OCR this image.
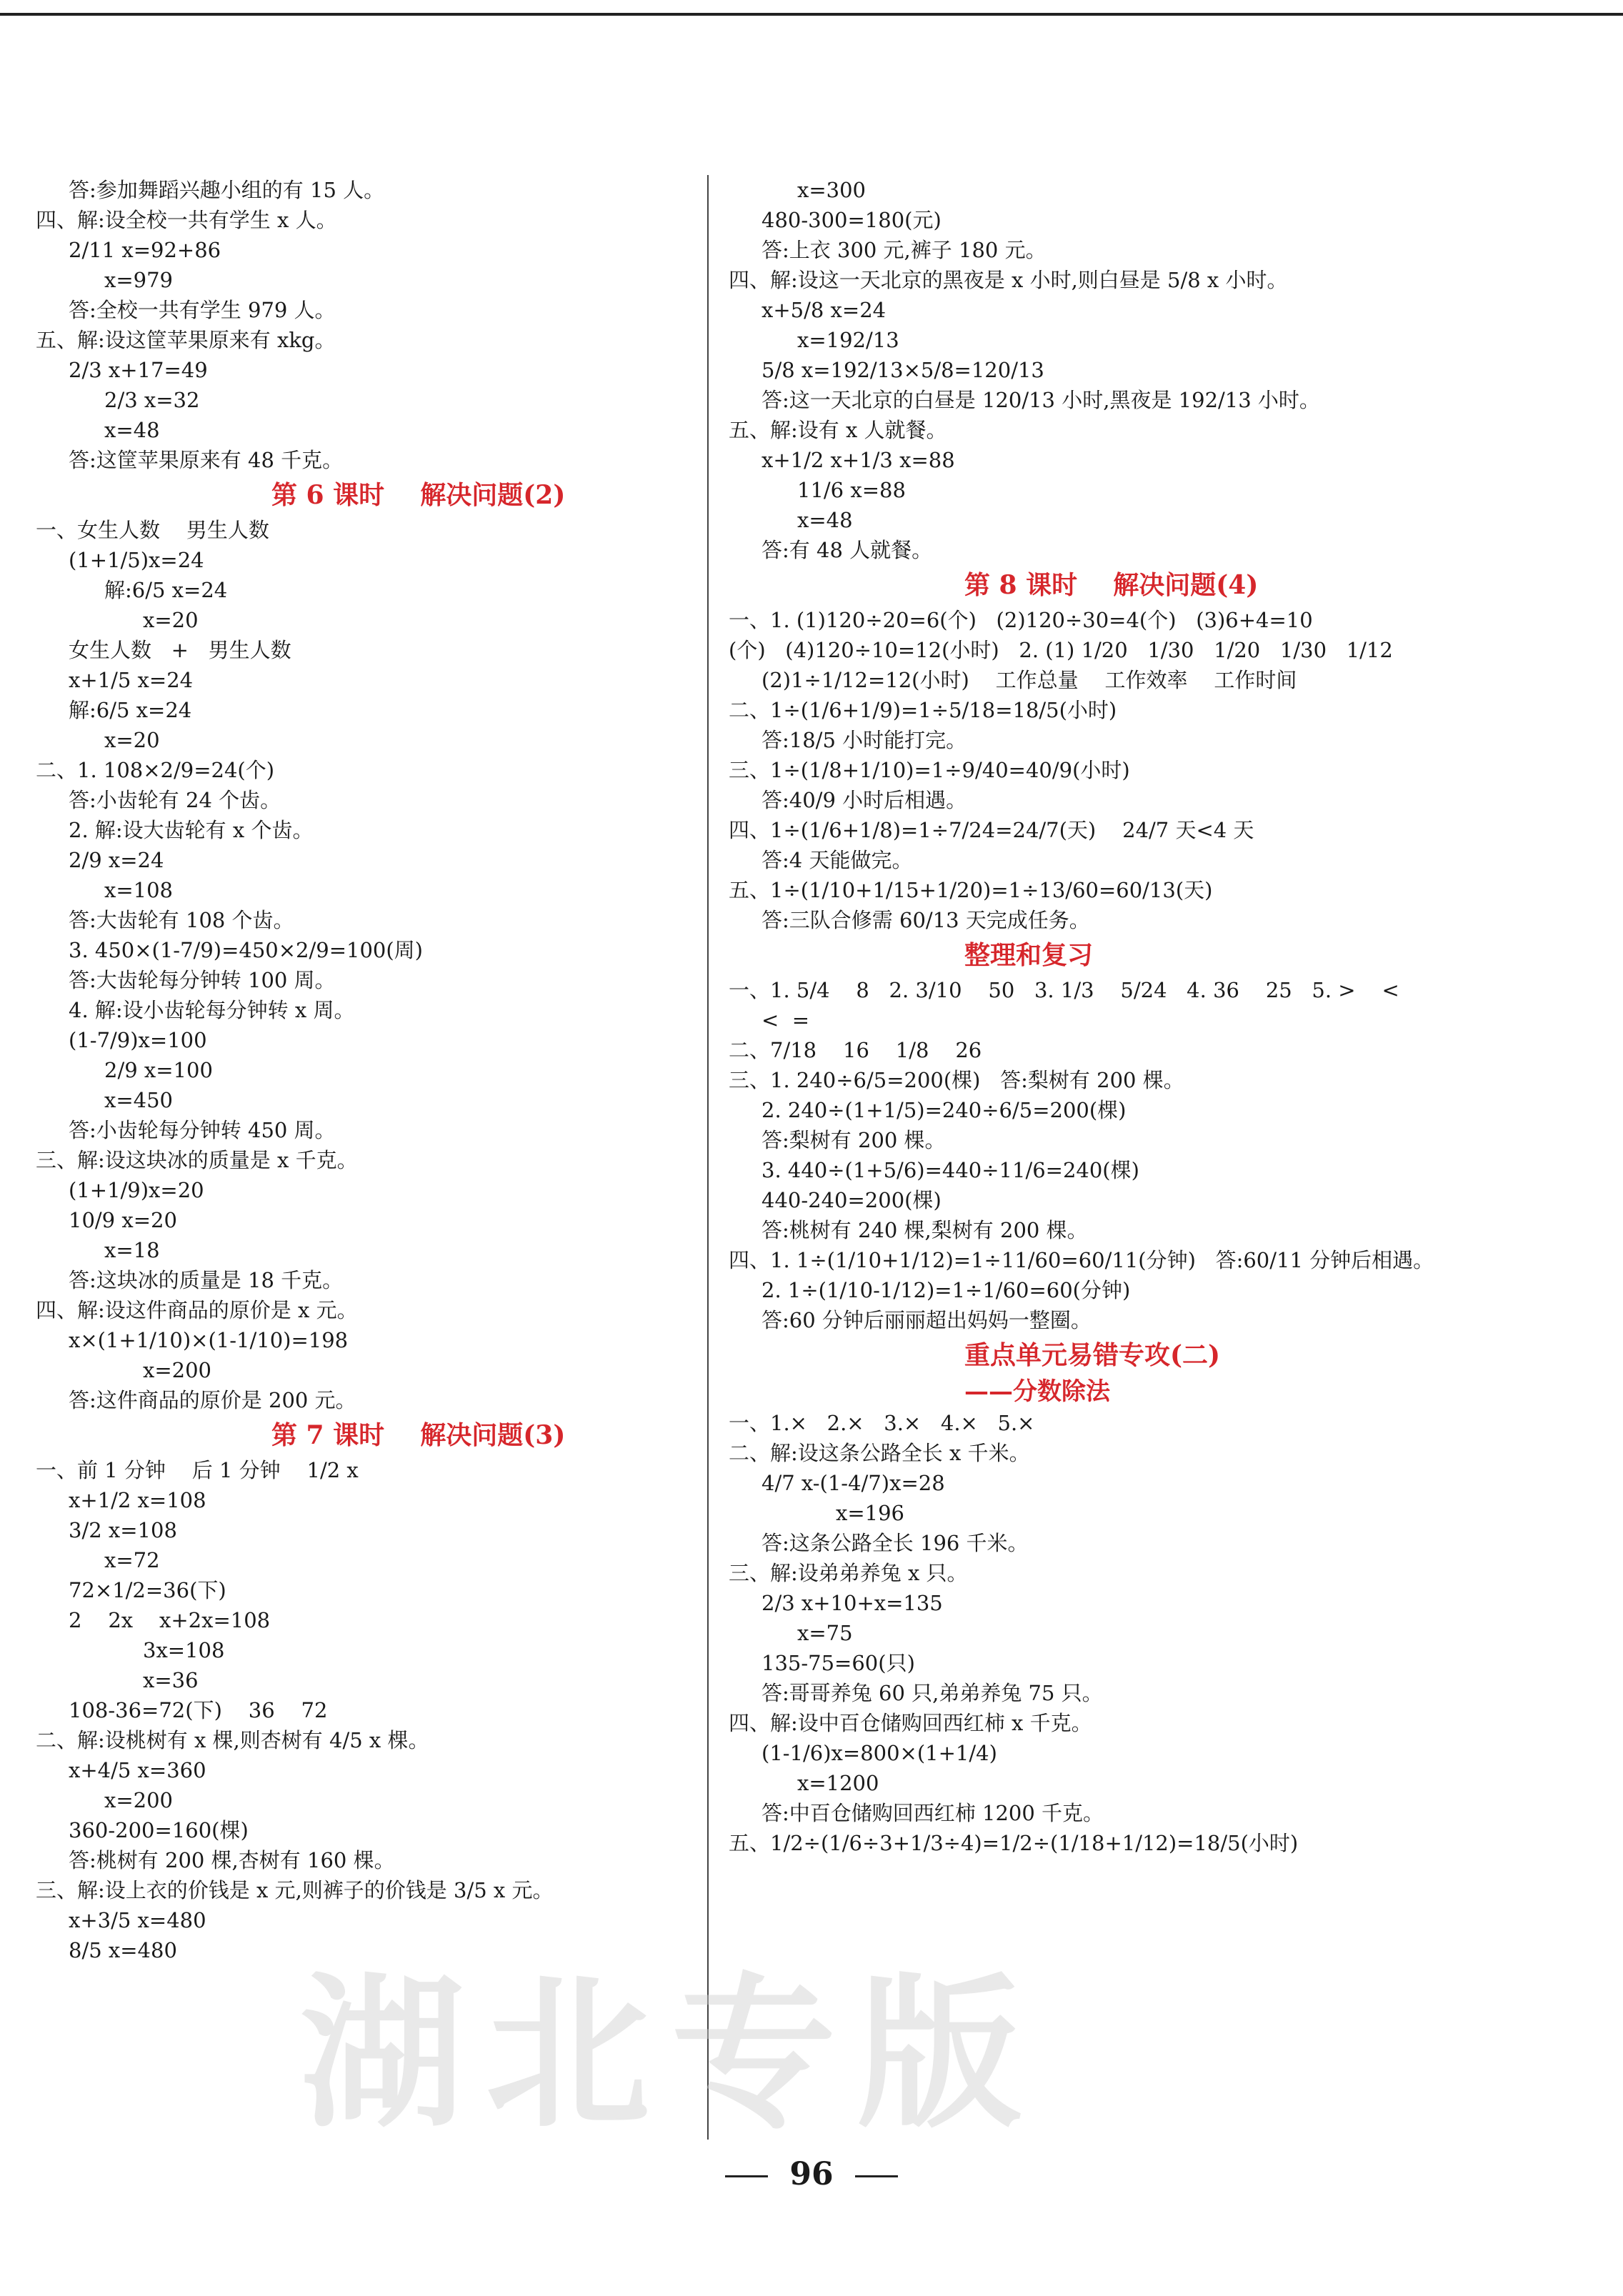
答:参加舞蹈兴趣小组的有 15 人。
四、解:设全校一共有学生 x 人。
2/11 x=92+86
x=979
答:全校一共有学生 979 人。
五、解:设这筐苹果原来有 xkg。
2/3 x+17=49
2/3 x=32
x=48
答:这筐苹果原来有 48 千克。
第 6 课时    解决问题(2)
一、女生人数    男生人数
(1+1/5)x=24
解:6/5 x=24
x=20
女生人数   +   男生人数
x+1/5 x=24
解:6/5 x=24
x=20
二、1. 108×2/9=24(个)
答:小齿轮有 24 个齿。
2. 解:设大齿轮有 x 个齿。
2/9 x=24
x=108
答:大齿轮有 108 个齿。
3. 450×(1-7/9)=450×2/9=100(周)
答:大齿轮每分钟转 100 周。
4. 解:设小齿轮每分钟转 x 周。
(1-7/9)x=100
2/9 x=100
x=450
答:小齿轮每分钟转 450 周。
三、解:设这块冰的质量是 x 千克。
(1+1/9)x=20
10/9 x=20
x=18
答:这块冰的质量是 18 千克。
四、解:设这件商品的原价是 x 元。
x×(1+1/10)×(1-1/10)=198
x=200
答:这件商品的原价是 200 元。
第 7 课时    解决问题(3)
一、前 1 分钟    后 1 分钟    1/2 x
x+1/2 x=108
3/2 x=108
x=72
72×1/2=36(下)
2    2x    x+2x=108
3x=108
x=36
108-36=72(下)    36    72
二、解:设桃树有 x 棵,则杏树有 4/5 x 棵。
x+4/5 x=360
x=200
360-200=160(棵)
答:桃树有 200 棵,杏树有 160 棵。
三、解:设上衣的价钱是 x 元,则裤子的价钱是 3/5 x 元。
x+3/5 x=480
8/5 x=480
x=300
480-300=180(元)
答:上衣 300 元,裤子 180 元。
四、解:设这一天北京的黑夜是 x 小时,则白昼是 5/8 x 小时。
x+5/8 x=24
x=192/13
5/8 x=192/13×5/8=120/13
答:这一天北京的白昼是 120/13 小时,黑夜是 192/13 小时。
五、解:设有 x 人就餐。
x+1/2 x+1/3 x=88
11/6 x=88
x=48
答:有 48 人就餐。
第 8 课时    解决问题(4)
一、1. (1)120÷20=6(个)   (2)120÷30=4(个)   (3)6+4=10
(个)   (4)120÷10=12(小时)   2. (1) 1/20   1/30   1/20   1/30   1/12
(2)1÷1/12=12(小时)    工作总量    工作效率    工作时间
二、1÷(1/6+1/9)=1÷5/18=18/5(小时)
答:18/5 小时能打完。
三、1÷(1/8+1/10)=1÷9/40=40/9(小时)
答:40/9 小时后相遇。
四、1÷(1/6+1/8)=1÷7/24=24/7(天)    24/7 天<4 天
答:4 天能做完。
五、1÷(1/10+1/15+1/20)=1÷13/60=60/13(天)
答:三队合修需 60/13 天完成任务。
整理和复习
一、1. 5/4    8   2. 3/10    50   3. 1/3    5/24   4. 36    25   5. >    <
<  =
二、7/18    16    1/8    26
三、1. 240÷6/5=200(棵)   答:梨树有 200 棵。
2. 240÷(1+1/5)=240÷6/5=200(棵)
答:梨树有 200 棵。
3. 440÷(1+5/6)=440÷11/6=240(棵)
440-240=200(棵)
答:桃树有 240 棵,梨树有 200 棵。
四、1. 1÷(1/10+1/12)=1÷11/60=60/11(分钟)   答:60/11 分钟后相遇。
2. 1÷(1/10-1/12)=1÷1/60=60(分钟)
答:60 分钟后丽丽超出妈妈一整圈。
重点单元易错专攻(二)
——分数除法
一、1.×   2.×   3.×   4.×   5.×
二、解:设这条公路全长 x 千米。
4/7 x-(1-4/7)x=28
x=196
答:这条公路全长 196 千米。
三、解:设弟弟养兔 x 只。
2/3 x+10+x=135
x=75
135-75=60(只)
答:哥哥养兔 60 只,弟弟养兔 75 只。
四、解:设中百仓储购回西红柿 x 千克。
(1-1/6)x=800×(1+1/4)
x=1200
答:中百仓储购回西红柿 1200 千克。
五、1/2÷(1/6÷3+1/3÷4)=1/2÷(1/18+1/12)=18/5(小时)
湖北专版
96
